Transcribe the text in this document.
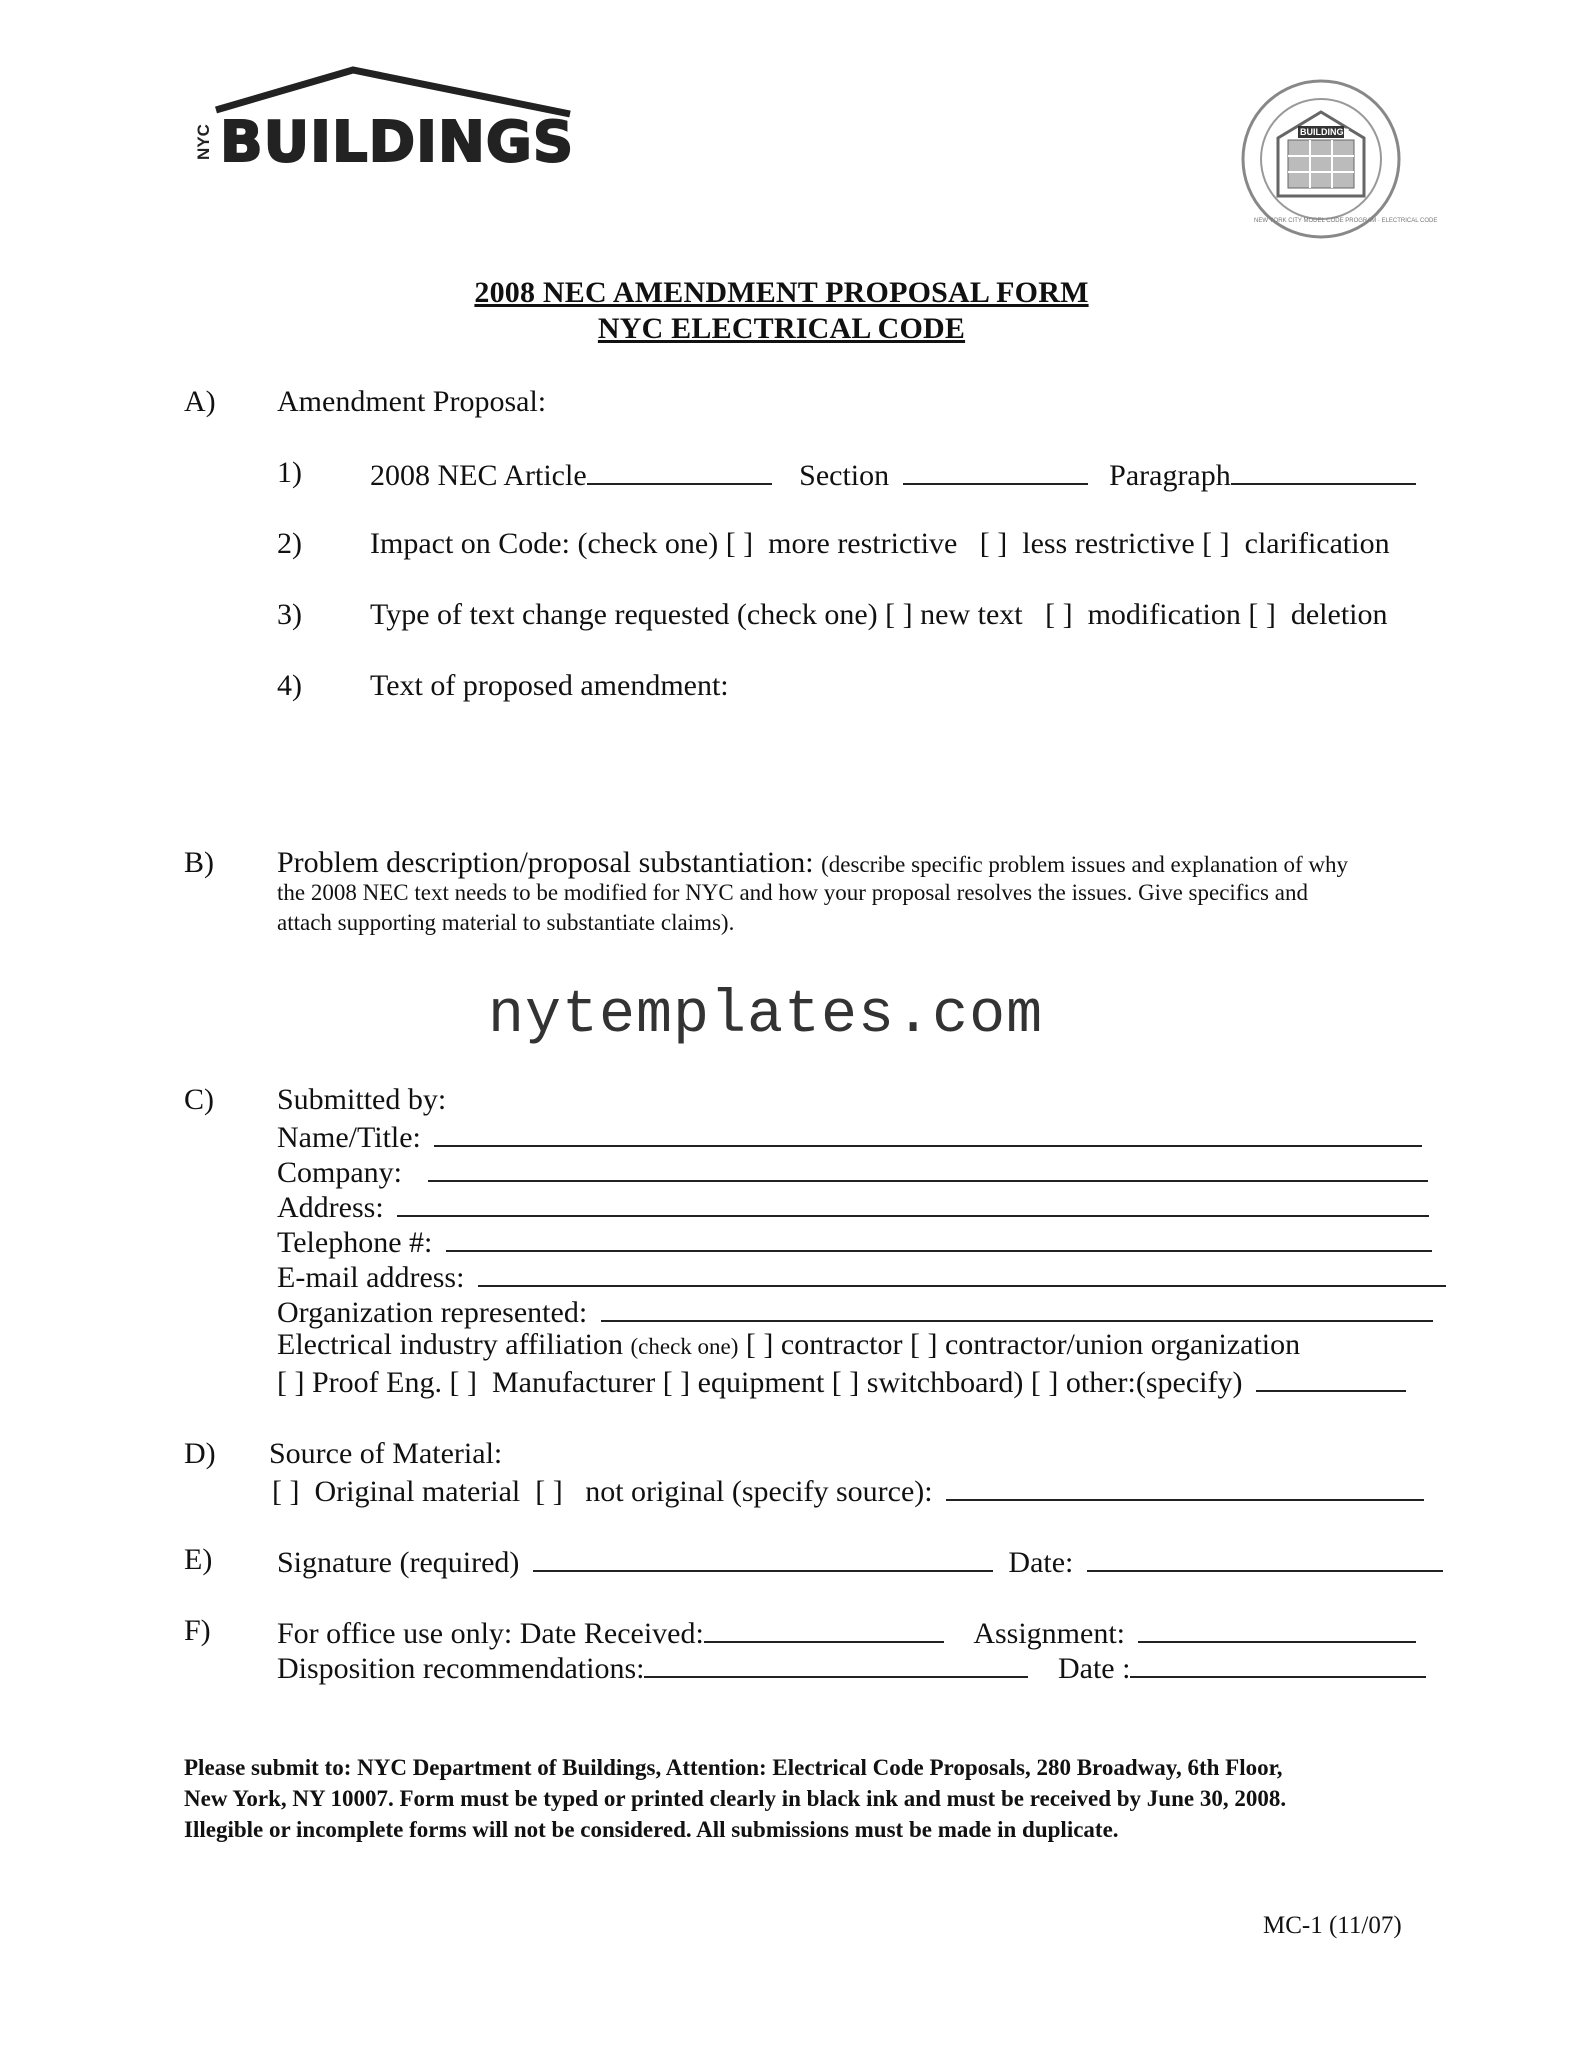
NYC BUILDINGS	BUILDINGS
NEW YORK CITY MODEL CODE PROGRAM · ELECTRICAL CODE
2008 NEC AMENDMENT PROPOSAL FORM
NYC ELECTRICAL CODE
A) Amendment Proposal:
1) 2008 NEC Article	Section	Paragraph
2) Impact on Code: (check one) [ ]  more restrictive   [ ]  less restrictive [ ]  clarification
3) Type of text change requested (check one) [ ] new text   [ ]  modification [ ]  deletion
4) Text of proposed amendment:
B) Problem description/proposal substantiation: (describe specific problem issues and explanation of why
the 2008 NEC text needs to be modified for NYC and how your proposal resolves the issues. Give specifics and
attach supporting material to substantiate claims).
nytemplates.com
C) Submitted by:
Name/Title:
Company:
Address:
Telephone #:
E-mail address:
Organization represented:
Electrical industry affiliation (check one) [ ] contractor [ ] contractor/union organization
[ ] Proof Eng. [ ]  Manufacturer [ ] equipment [ ] switchboard) [ ] other:(specify)
D) Source of Material:
[ ]  Original material  [ ]   not original (specify source):
E) Signature (required)	Date:
F) For office use only: Date Received:	Assignment:
Disposition recommendations:	Date :
Please submit to: NYC Department of Buildings, Attention: Electrical Code Proposals, 280 Broadway, 6th Floor,
New York, NY 10007. Form must be typed or printed clearly in black ink and must be received by June 30, 2008.
Illegible or incomplete forms will not be considered. All submissions must be made in duplicate.
MC-1 (11/07)
